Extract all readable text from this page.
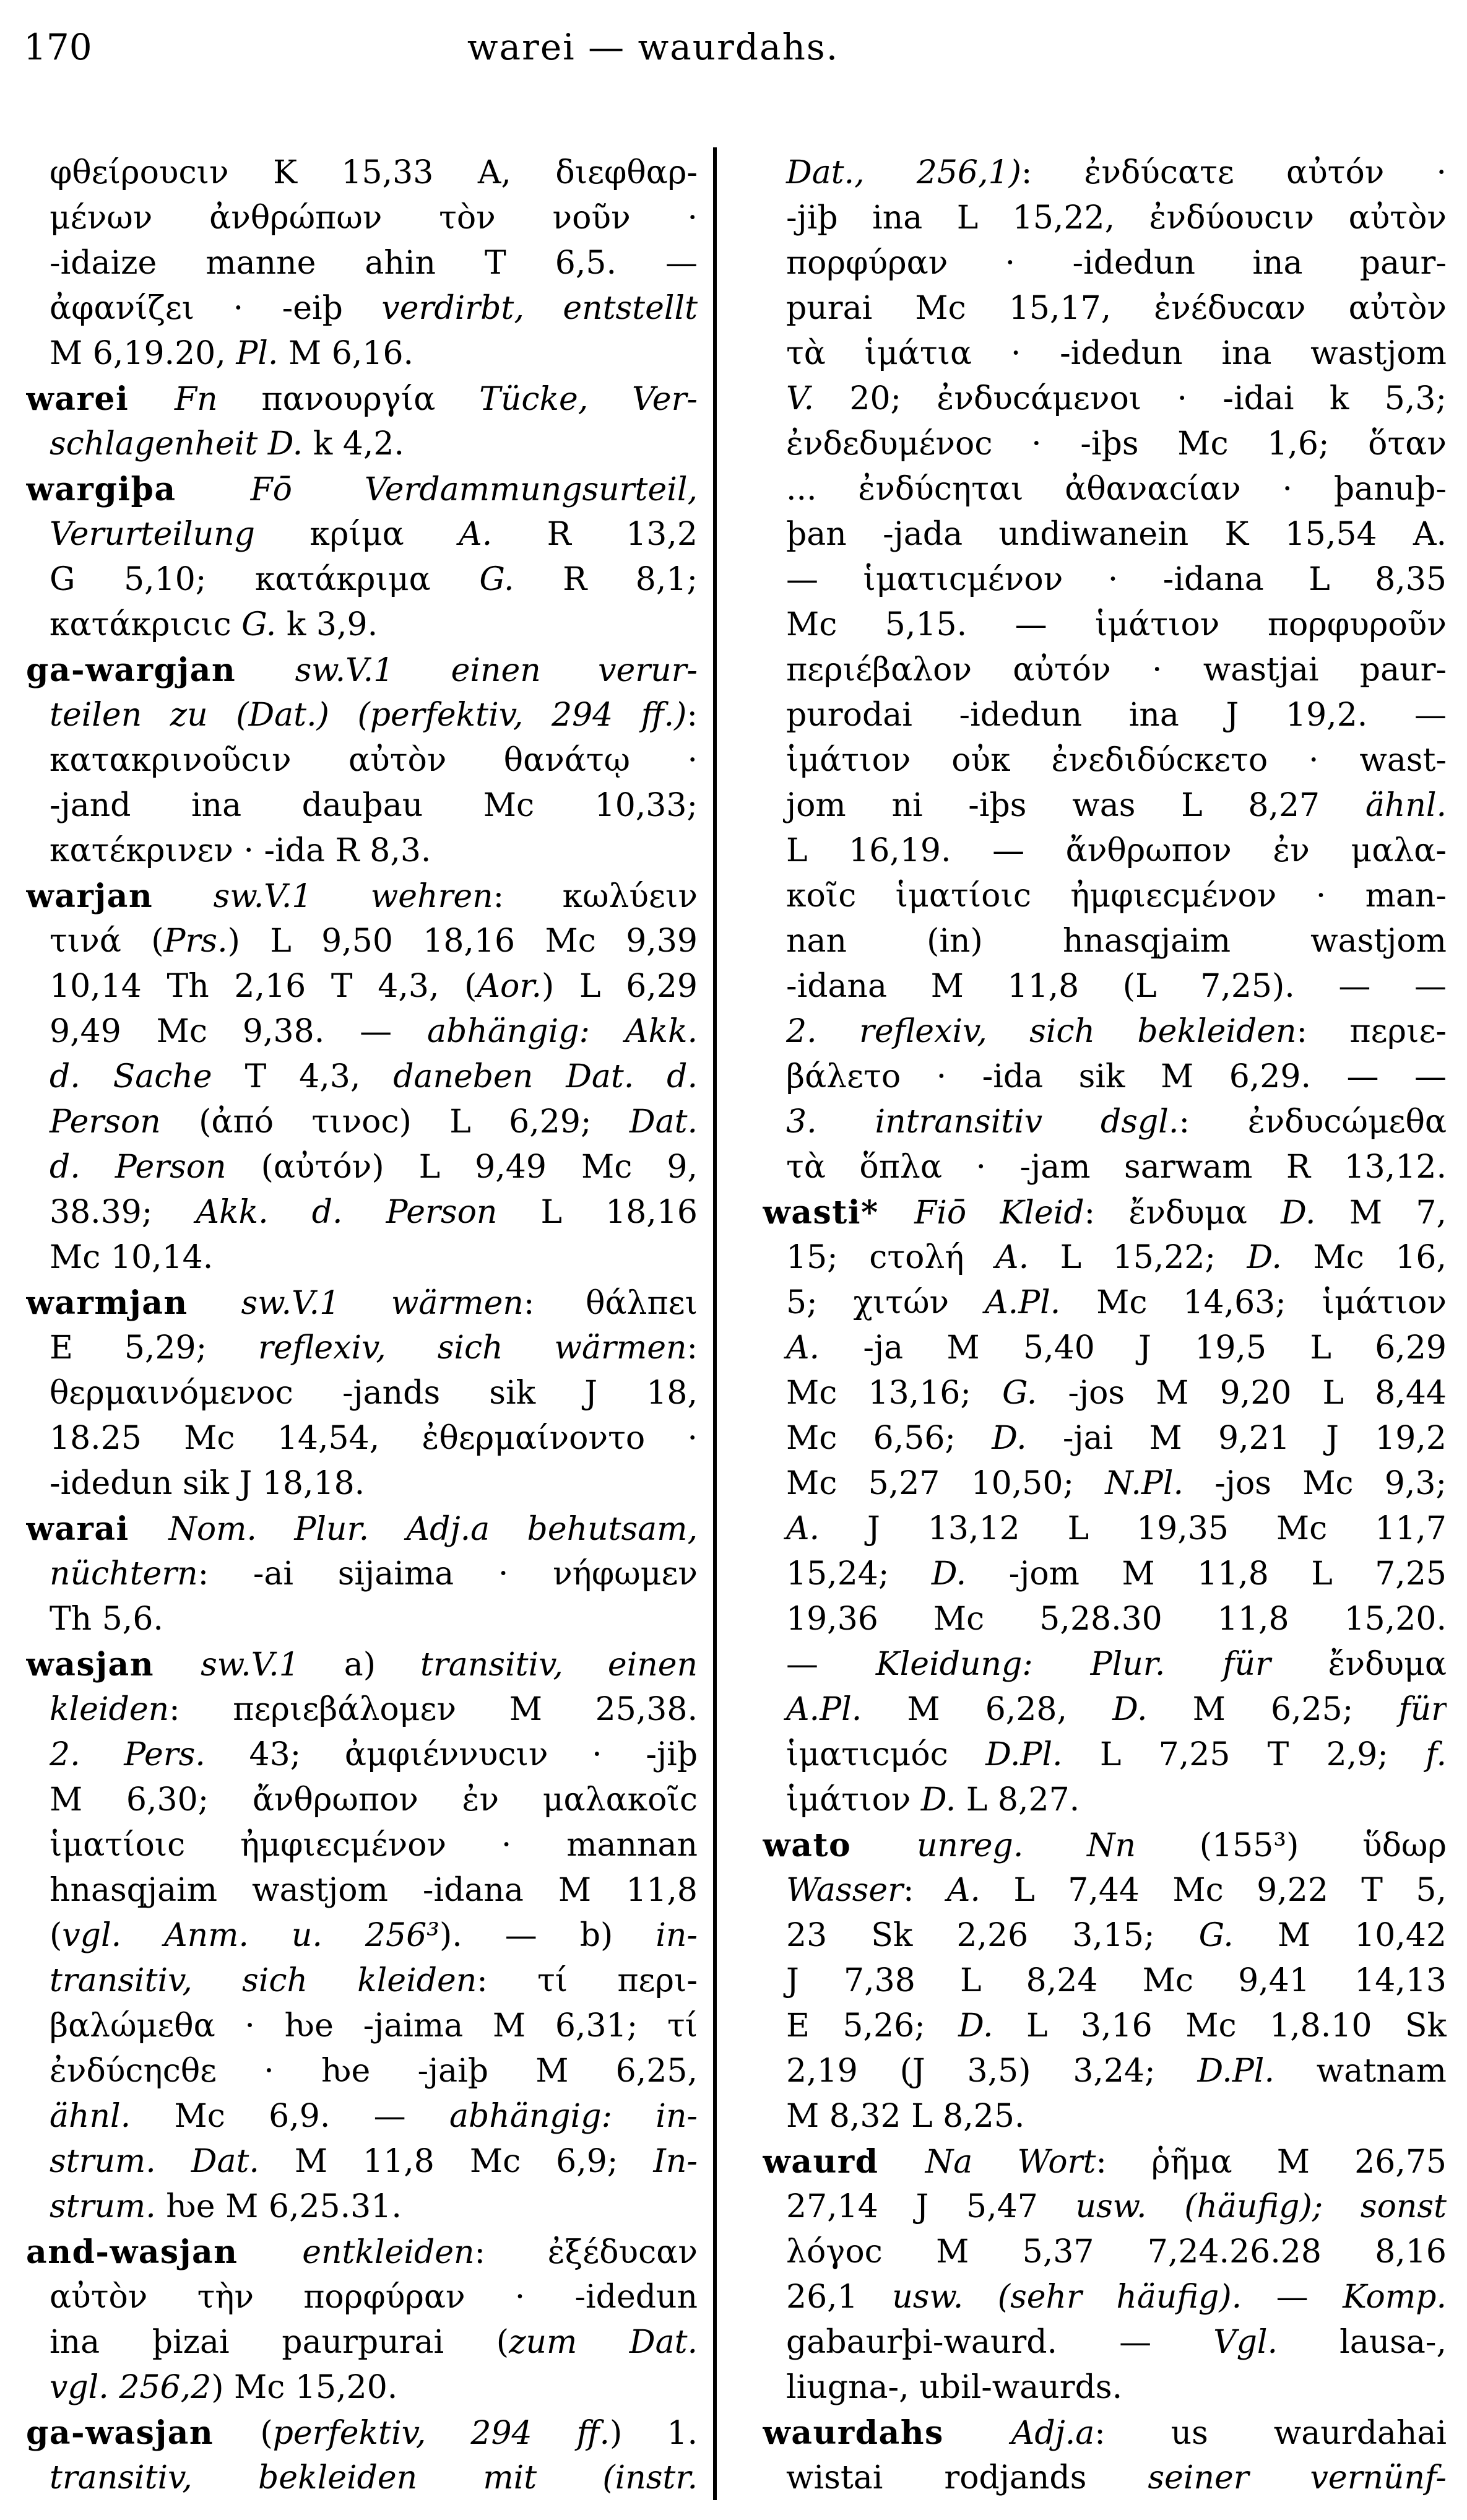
170	warei — waurdahs.
φθείρουϲιν K 15,33 A, διεφθαρ-
μένων ἀνθρώπων τὸν νοῦν ·
-idaize manne ahin T 6,5. —
ἀφανίζει · -eiþ verdirbt, entstellt
M 6,19.20, Pl. M 6,16.
warei Fn πανουργία Tücke, Ver-
schlagenheit D. k 4,2.
wargiþa Fō Verdammungsurteil,
Verurteilung κρίμα A. R 13,2
G 5,10; κατάκριμα G. R 8,1;
κατάκριϲιϲ G. k 3,9.
ga-wargjan sw.V.1 einen verur-
teilen zu (Dat.) (perfektiv, 294 ff.):
κατακρινοῦϲιν αὐτὸν θανάτῳ ·
-jand ina dauþau Mc 10,33;
κατέκρινεν · -ida R 8,3.
warjan sw.V.1 wehren: κωλύειν
τινά (Prs.) L 9,50 18,16 Mc 9,39
10,14 Th 2,16 T 4,3, (Aor.) L 6,29
9,49 Mc 9,38. — abhängig: Akk.
d. Sache T 4,3, daneben Dat. d.
Person (ἀπό τινοϲ) L 6,29; Dat.
d. Person (αὐτόν) L 9,49 Mc 9,
38.39; Akk. d. Person L 18,16
Mc 10,14.
warmjan sw.V.1 wärmen: θάλπει
E 5,29; reflexiv, sich wärmen:
θερμαινόμενοϲ -jands sik J 18,
18.25 Mc 14,54, ἐθερμαίνοντο ·
-idedun sik J 18,18.
warai Nom. Plur. Adj.a behutsam,
nüchtern: -ai sijaima · νήφωμεν
Th 5,6.
wasjan sw.V.1 a) transitiv, einen
kleiden: περιεβάλομεν M 25,38.
2. Pers. 43; ἀμφιέννυϲιν · -jiþ
M 6,30; ἄνθρωπον ἐν μαλακοῖϲ
ἱματίοιϲ ἠμφιεϲμένον · mannan
hnasqjaim wastjom -idana M 11,8
(vgl. Anm. u. 256³). — b) in-
transitiv, sich kleiden: τί περι-
βαλώμεθα · ƕe -jaima M 6,31; τί
ἐνδύϲηϲθε · ƕe -jaiþ M 6,25,
ähnl. Mc 6,9. — abhängig: in-
strum. Dat. M 11,8 Mc 6,9; In-
strum. ƕe M 6,25.31.
and-wasjan entkleiden: ἐξέδυϲαν
αὐτὸν τὴν πορφύραν · -idedun
ina þizai paurpurai (zum Dat.
vgl. 256,2) Mc 15,20.
ga-wasjan (perfektiv, 294 ff.) 1.
transitiv, bekleiden mit (instr.
Dat., 256,1): ἐνδύϲατε αὐτόν ·
-jiþ ina L 15,22, ἐνδύουϲιν αὐτὸν
πορφύραν · -idedun ina paur-
purai Mc 15,17, ἐνέδυϲαν αὐτὸν
τὰ ἱμάτια · -idedun ina wastjom
V. 20; ἐνδυϲάμενοι · -idai k 5,3;
ἐνδεδυμένοϲ · -iþs Mc 1,6; ὅταν
... ἐνδύϲηται ἀθαναϲίαν · þanuþ-
þan -jada undiwanein K 15,54 A.
— ἱματιϲμένον · -idana L 8,35
Mc 5,15. — ἱμάτιον πορφυροῦν
περιέβαλον αὐτόν · wastjai paur-
purodai -idedun ina J 19,2. —
ἱμάτιον οὐκ ἐνεδιδύϲκετο · wast-
jom ni -iþs was L 8,27 ähnl.
L 16,19. — ἄνθρωπον ἐν μαλα-
κοῖϲ ἱματίοιϲ ἠμφιεϲμένον · man-
nan (in) hnasqjaim wastjom
-idana M 11,8 (L 7,25). — —
2. reflexiv, sich bekleiden: περιε-
βάλετο · -ida sik M 6,29. — —
3. intransitiv dsgl.: ἐνδυϲώμεθα
τὰ ὅπλα · -jam sarwam R 13,12.
wasti* Fiō Kleid: ἔνδυμα D. M 7,
15; ϲτολή A. L 15,22; D. Mc 16,
5; χιτών A.Pl. Mc 14,63; ἱμάτιον
A. -ja M 5,40 J 19,5 L 6,29
Mc 13,16; G. -jos M 9,20 L 8,44
Mc 6,56; D. -jai M 9,21 J 19,2
Mc 5,27 10,50; N.Pl. -jos Mc 9,3;
A. J 13,12 L 19,35 Mc 11,7
15,24; D. -jom M 11,8 L 7,25
19,36 Mc 5,28.30 11,8 15,20.
— Kleidung: Plur. für ἔνδυμα
A.Pl. M 6,28, D. M 6,25; für
ἱματιϲμόϲ D.Pl. L 7,25 T 2,9; f.
ἱμάτιον D. L 8,27.
wato unreg. Nn (155³) ὕδωρ
Wasser: A. L 7,44 Mc 9,22 T 5,
23 Sk 2,26 3,15; G. M 10,42
J 7,38 L 8,24 Mc 9,41 14,13
E 5,26; D. L 3,16 Mc 1,8.10 Sk
2,19 (J 3,5) 3,24; D.Pl. watnam
M 8,32 L 8,25.
waurd Na Wort: ῥῆμα M 26,75
27,14 J 5,47 usw. (häufig); sonst
λόγοϲ M 5,37 7,24.26.28 8,16
26,1 usw. (sehr häufig). — Komp.
gabaurþi-waurd. — Vgl. lausa-,
liugna-, ubil-waurds.
waurdahs Adj.a: us waurdahai
wistai rodjands seiner vernünf-
